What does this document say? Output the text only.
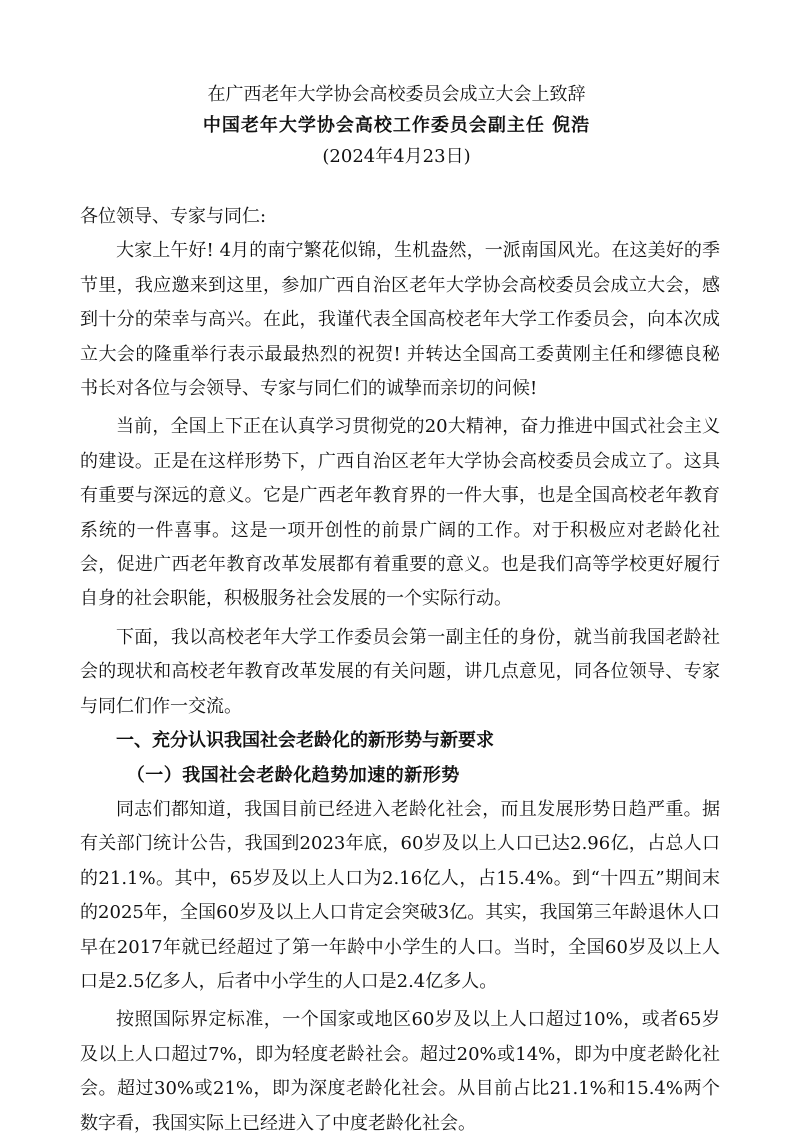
在广西老年大学协会高校委员会成立大会上致辞
中国老年大学协会高校工作委员会副主任 倪浩
(2024年4月23日)

各位领导、专家与同仁:

大家上午好! 4月的南宁繁花似锦，生机盎然，一派南国风光。在这美好的季节里，我应邀来到这里，参加广西自治区老年大学协会高校委员会成立大会，感到十分的荣幸与高兴。在此，我谨代表全国高校老年大学工作委员会，向本次成立大会的隆重举行表示最最热烈的祝贺! 并转达全国高工委黄刚主任和缪德良秘书长对各位与会领导、专家与同仁们的诚挚而亲切的问候!

当前，全国上下正在认真学习贯彻党的20大精神，奋力推进中国式社会主义的建设。正是在这样形势下，广西自治区老年大学协会高校委员会成立了。这具有重要与深远的意义。它是广西老年教育界的一件大事，也是全国高校老年教育系统的一件喜事。这是一项开创性的前景广阔的工作。对于积极应对老龄化社会，促进广西老年教育改革发展都有着重要的意义。也是我们高等学校更好履行自身的社会职能，积极服务社会发展的一个实际行动。

下面，我以高校老年大学工作委员会第一副主任的身份，就当前我国老龄社会的现状和高校老年教育改革发展的有关问题，讲几点意见，同各位领导、专家与同仁们作一交流。

一、充分认识我国社会老龄化的新形势与新要求

（一）我国社会老龄化趋势加速的新形势

同志们都知道，我国目前已经进入老龄化社会，而且发展形势日趋严重。据有关部门统计公告，我国到2023年底，60岁及以上人口已达2.96亿，占总人口的21.1%。其中，65岁及以上人口为2.16亿人，占15.4%。到“十四五”期间末的2025年，全国60岁及以上人口肯定会突破3亿。其实，我国第三年龄退休人口早在2017年就已经超过了第一年龄中小学生的人口。当时，全国60岁及以上人口是2.5亿多人，后者中小学生的人口是2.4亿多人。

按照国际界定标准，一个国家或地区60岁及以上人口超过10%，或者65岁及以上人口超过7%，即为轻度老龄社会。超过20%或14%，即为中度老龄化社会。超过30%或21%，即为深度老龄化社会。从目前占比21.1%和15.4%两个数字看，我国实际上已经进入了中度老龄化社会。
